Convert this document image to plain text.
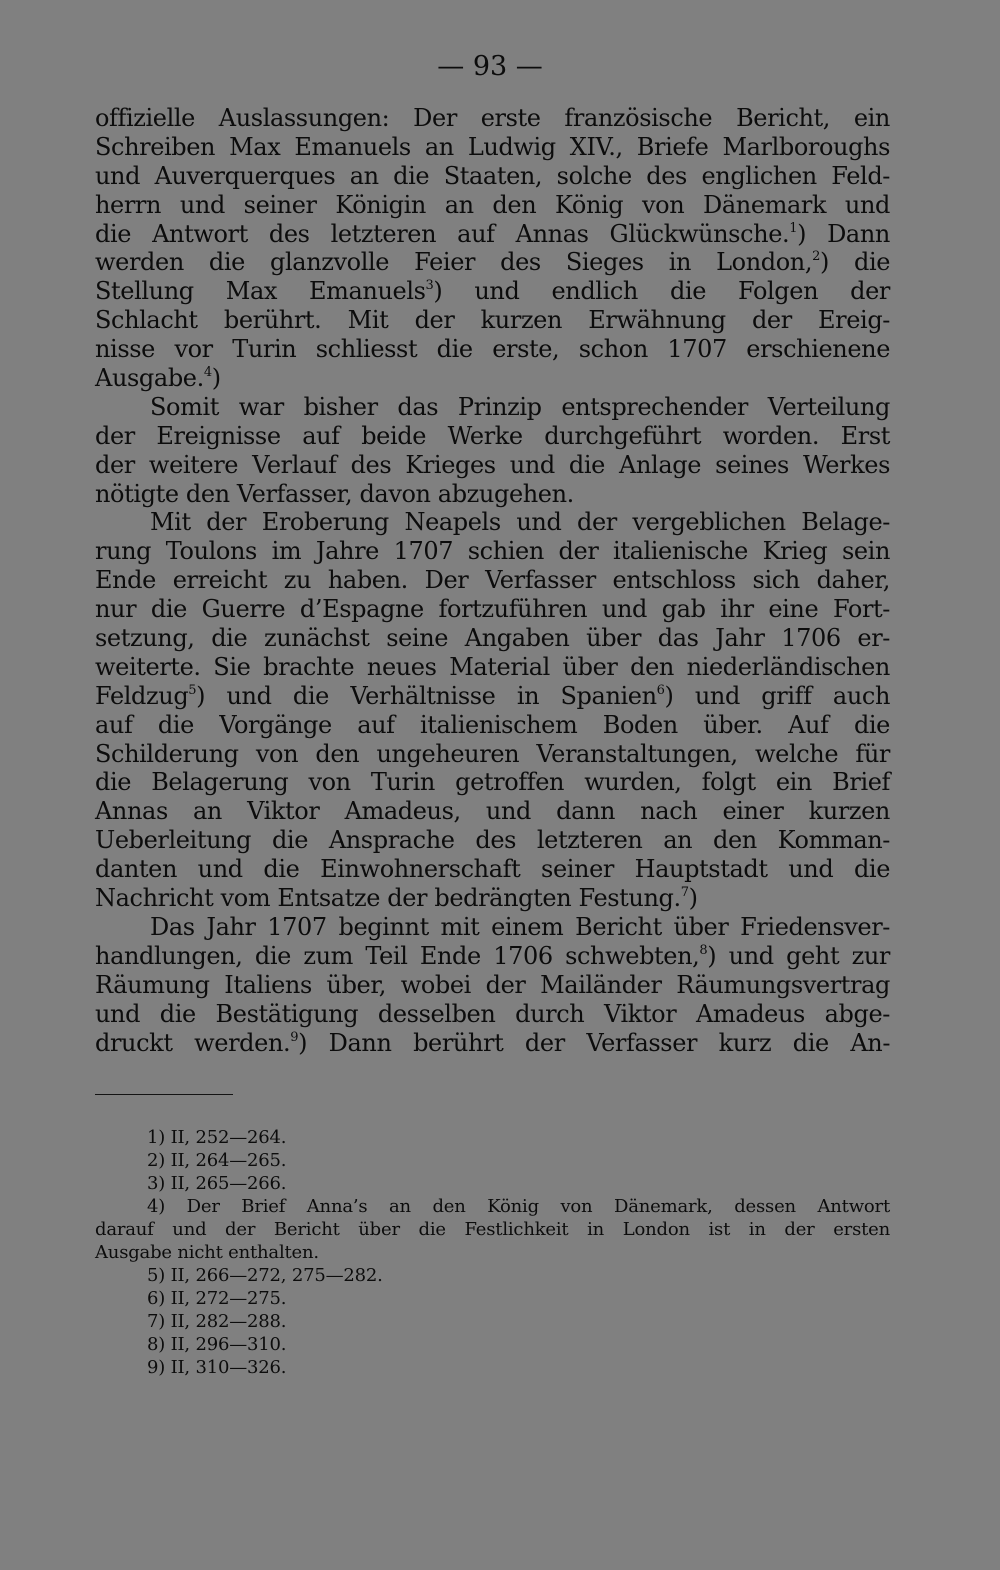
— 93 —
offizielle Auslassungen: Der erste französische Bericht, ein
Schreiben Max Emanuels an Ludwig XIV., Briefe Marlboroughs
und Auverquerques an die Staaten, solche des englichen Feld-
herrn und seiner Königin an den König von Dänemark und
die Antwort des letzteren auf Annas Glückwünsche.$^1$) Dann
werden die glanzvolle Feier des Sieges in London,$^2$) die
Stellung Max Emanuels$^3$) und endlich die Folgen der
Schlacht berührt. Mit der kurzen Erwähnung der Ereig-
nisse vor Turin schliesst die erste, schon 1707 erschienene
Ausgabe.$^4$)
Somit war bisher das Prinzip entsprechender Verteilung
der Ereignisse auf beide Werke durchgeführt worden. Erst
der weitere Verlauf des Krieges und die Anlage seines Werkes
nötigte den Verfasser, davon abzugehen.
Mit der Eroberung Neapels und der vergeblichen Belage-
rung Toulons im Jahre 1707 schien der italienische Krieg sein
Ende erreicht zu haben. Der Verfasser entschloss sich daher,
nur die Guerre d’Espagne fortzuführen und gab ihr eine Fort-
setzung, die zunächst seine Angaben über das Jahr 1706 er-
weiterte. Sie brachte neues Material über den niederländischen
Feldzug$^5$) und die Verhältnisse in Spanien$^6$) und griff auch
auf die Vorgänge auf italienischem Boden über. Auf die
Schilderung von den ungeheuren Veranstaltungen, welche für
die Belagerung von Turin getroffen wurden, folgt ein Brief
Annas an Viktor Amadeus, und dann nach einer kurzen
Ueberleitung die Ansprache des letzteren an den Komman-
danten und die Einwohnerschaft seiner Hauptstadt und die
Nachricht vom Entsatze der bedrängten Festung.$^7$)
Das Jahr 1707 beginnt mit einem Bericht über Friedensver-
handlungen, die zum Teil Ende 1706 schwebten,$^8$) und geht zur
Räumung Italiens über, wobei der Mailänder Räumungsvertrag
und die Bestätigung desselben durch Viktor Amadeus abge-
druckt werden.$^9$) Dann berührt der Verfasser kurz die An-
1) II, 252—264.
2) II, 264—265.
3) II, 265—266.
4) Der Brief Anna’s an den König von Dänemark, dessen Antwort
darauf und der Bericht über die Festlichkeit in London ist in der ersten
Ausgabe nicht enthalten.
5) II, 266—272, 275—282.
6) II, 272—275.
7) II, 282—288.
8) II, 296—310.
9) II, 310—326.
